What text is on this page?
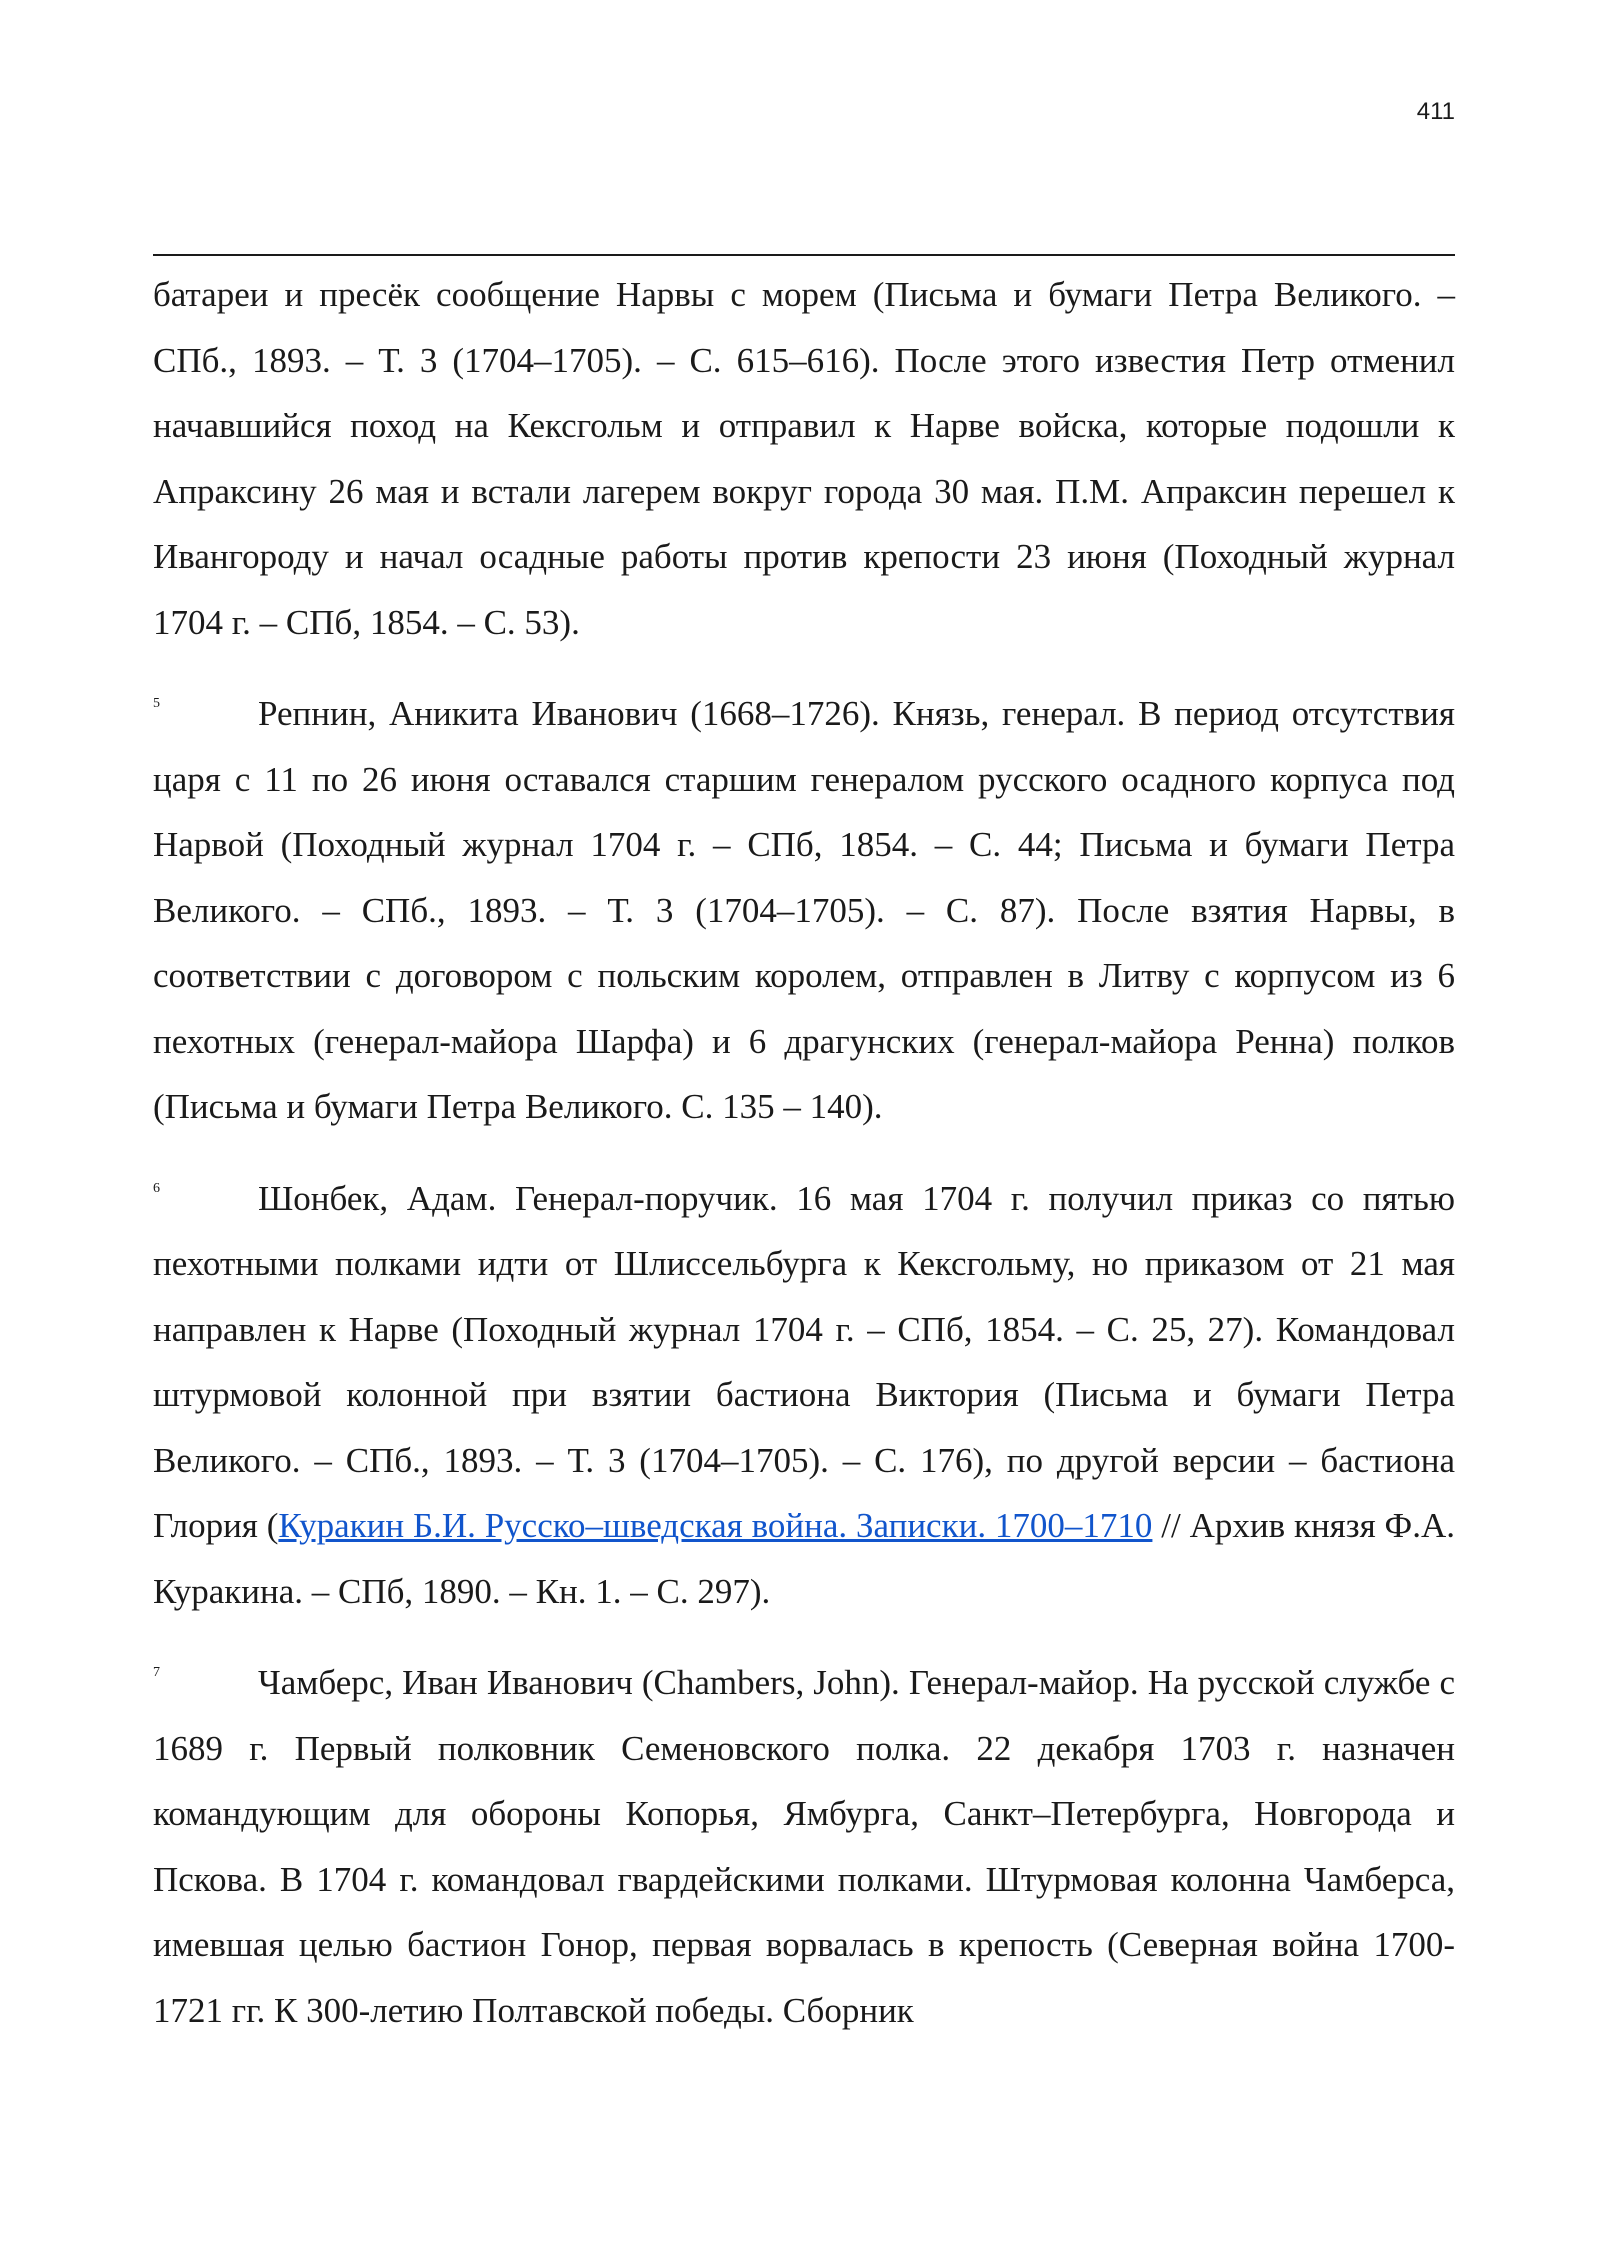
411

батареи и пресёк сообщение Нарвы с морем (Письма и бумаги Петра Великого. – СПб., 1893. – Т. 3 (1704–1705). – С. 615–616). После этого известия Петр отменил начавшийся поход на Кексгольм и отправил к Нарве войска, которые подошли к Апраксину 26 мая и встали лагерем вокруг города 30 мая. П.М. Апраксин перешел к Ивангороду и начал осадные работы против крепости 23 июня (Походный журнал 1704 г. – СПб, 1854. – С. 53).

5	Репнин, Аникита Иванович (1668–1726). Князь, генерал. В период отсутствия царя с 11 по 26 июня оставался старшим генералом русского осадного корпуса под Нарвой (Походный журнал 1704 г. – СПб, 1854. – С. 44; Письма и бумаги Петра Великого. – СПб., 1893. – Т. 3 (1704–1705). – С. 87). После взятия Нарвы, в соответствии с договором с польским королем, отправлен в Литву с корпусом из 6 пехотных (генерал-майора Шарфа) и 6 драгунских (генерал-майора Ренна) полков (Письма и бумаги Петра Великого. С. 135 – 140).

6	Шонбек, Адам. Генерал-поручик. 16 мая 1704 г. получил приказ со пятью пехотными полками идти от Шлиссельбурга к Кексгольму, но приказом от 21 мая направлен к Нарве (Походный журнал 1704 г. – СПб, 1854. – С. 25, 27). Командовал штурмовой колонной при взятии бастиона Виктория (Письма и бумаги Петра Великого. – СПб., 1893. – Т. 3 (1704–1705). – С. 176), по другой версии – бастиона Глория (Куракин Б.И. Русско–шведская война. Записки. 1700–1710 // Архив князя Ф.А. Куракина. – СПб, 1890. – Кн. 1. – С. 297).

7	Чамберс, Иван Иванович (Chambers, John). Генерал-майор. На русской службе с 1689 г. Первый полковник Семеновского полка. 22 декабря 1703 г. назначен командующим для обороны Копорья, Ямбурга, Санкт–Петербурга, Новгорода и Пскова. В 1704 г. командовал гвардейскими полками. Штурмовая колонна Чамберса, имевшая целью бастион Гонор, первая ворвалась в крепость (Северная война 1700-1721 гг. К 300-летию Полтавской победы. Сборник
